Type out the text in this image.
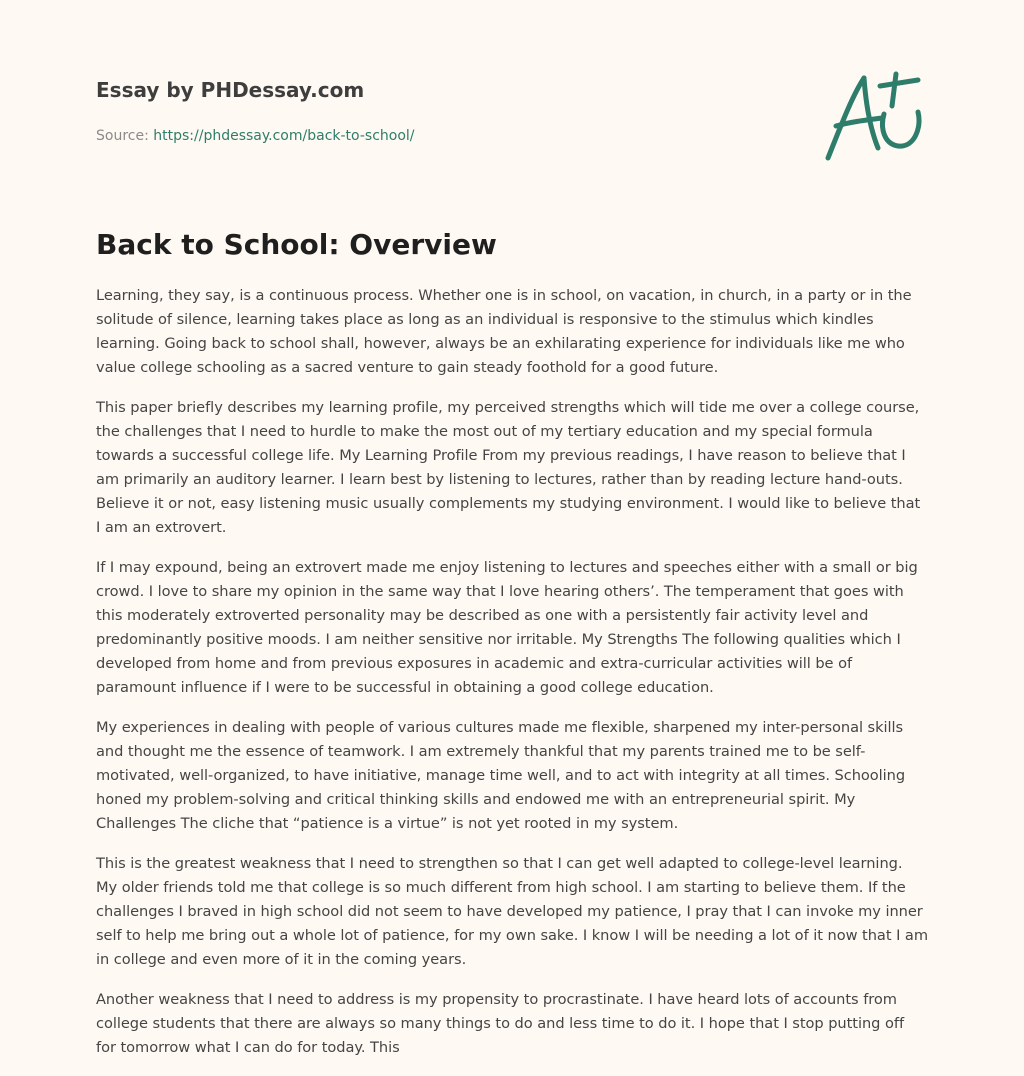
Essay by PHDessay.com
Source: https://phdessay.com/back-to-school/
Back to School: Overview

Learning, they say, is a continuous process. Whether one is in school, on vacation, in church, in a party or in the solitude of silence, learning takes place as long as an individual is responsive to the stimulus which kindles learning. Going back to school shall, however, always be an exhilarating experience for individuals like me who value college schooling as a sacred venture to gain steady foothold for a good future.

This paper briefly describes my learning profile, my perceived strengths which will tide me over a college course, the challenges that I need to hurdle to make the most out of my tertiary education and my special formula towards a successful college life. My Learning Profile From my previous readings, I have reason to believe that I am primarily an auditory learner. I learn best by listening to lectures, rather than by reading lecture hand-outs. Believe it or not, easy listening music usually complements my studying environment. I would like to believe that I am an extrovert.

If I may expound, being an extrovert made me enjoy listening to lectures and speeches either with a small or big crowd. I love to share my opinion in the same way that I love hearing others’. The temperament that goes with this moderately extroverted personality may be described as one with a persistently fair activity level and predominantly positive moods. I am neither sensitive nor irritable. My Strengths The following qualities which I developed from home and from previous exposures in academic and extra-curricular activities will be of paramount influence if I were to be successful in obtaining a good college education.

My experiences in dealing with people of various cultures made me flexible, sharpened my inter-personal skills and thought me the essence of teamwork. I am extremely thankful that my parents trained me to be self-motivated, well-organized, to have initiative, manage time well, and to act with integrity at all times. Schooling honed my problem-solving and critical thinking skills and endowed me with an entrepreneurial spirit. My Challenges The cliche that “patience is a virtue” is not yet rooted in my system.

This is the greatest weakness that I need to strengthen so that I can get well adapted to college-level learning. My older friends told me that college is so much different from high school. I am starting to believe them. If the challenges I braved in high school did not seem to have developed my patience, I pray that I can invoke my inner self to help me bring out a whole lot of patience, for my own sake. I know I will be needing a lot of it now that I am in college and even more of it in the coming years.

Another weakness that I need to address is my propensity to procrastinate. I have heard lots of accounts from college students that there are always so many things to do and less time to do it. I hope that I stop putting off for tomorrow what I can do for today. This
